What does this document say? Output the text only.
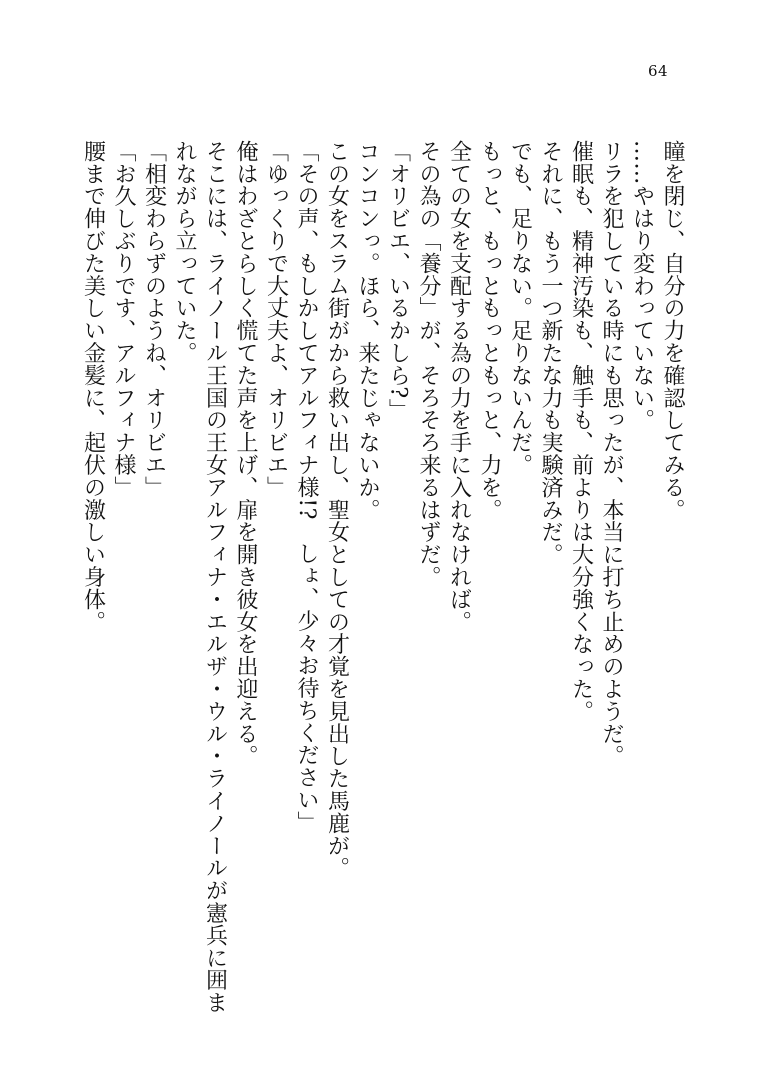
64
瞳を閉じ、自分の力を確認してみる。
……やはり変わっていない。
リラを犯している時にも思ったが、本当に打ち止めのようだ。
催眠も、精神汚染も、触手も、前よりは大分強くなった。
それに、もう一つ新たな力も実験済みだ。
でも、足りない。足りないんだ。
もっと、もっともっともっと、力を。
全ての女を支配する為の力を手に入れなければ。
その為の「養分」が、そろそろ来るはずだ。
「オリビエ、いるかしら?」
コンコンっ。ほら、来たじゃないか。
この女をスラム街がから救い出し、聖女としての才覚を見出した馬鹿が。
「その声、もしかしてアルフィナ様!?　しょ、少々お待ちください」
「ゆっくりで大丈夫よ、オリビエ」
俺はわざとらしく慌てた声を上げ、扉を開き彼女を出迎える。
そこには、ライノール王国の王女アルフィナ・エルザ・ウル・ライノールが憲兵に囲ま
れながら立っていた。
「相変わらずのようね、オリビエ」
「お久しぶりです、アルフィナ様」
腰まで伸びた美しい金髪に、起伏の激しい身体。
